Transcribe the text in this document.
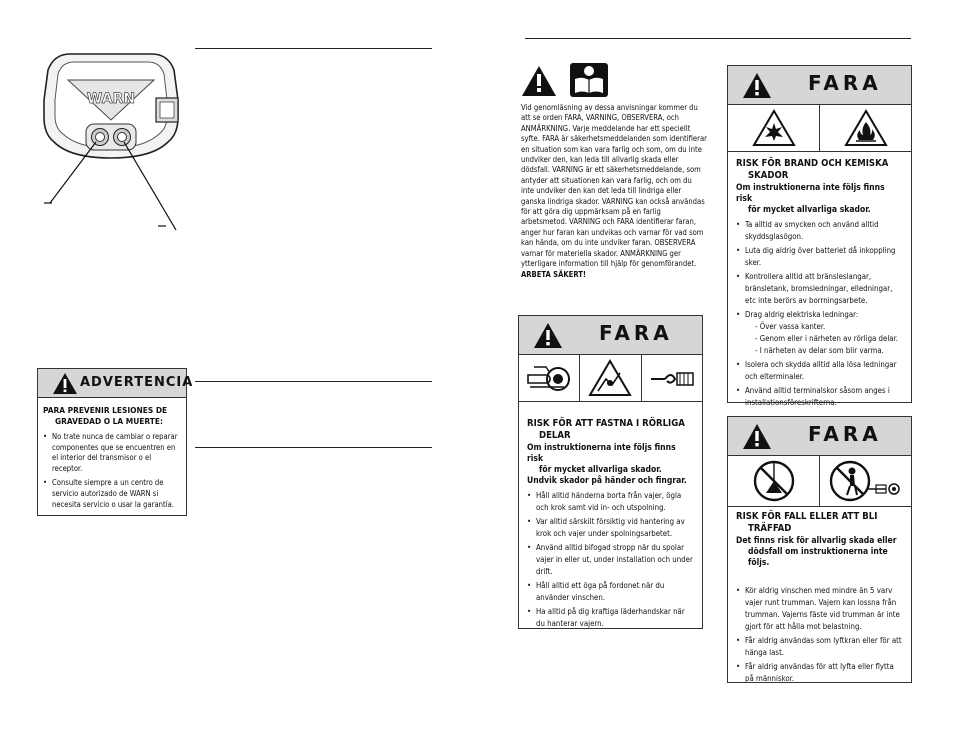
WARN
ADVERTENCIA

PARA PREVENIR LESIONES DE
GRAVEDAD O LA MUERTE:

• No trate nunca de cambiar o reparar componentes que se encuentren en el interior del transmisor o el receptor.
• Consulte siempre a un centro de servicio autorizado de WARN si necesita servicio o usar la garantía.
Vid genomläsning av dessa anvisningar kommer du att se orden FARA, VARNING, OBSERVERA, och ANMÄRKNING. Varje meddelande har ett speciellt syfte. FARA är säkerhetsmeddelanden som identifierar en situation som kan vara farlig och som, om du inte undviker den, kan leda till allvarlig skada eller dödsfall. VARNING är ett säkerhetsmeddelande, som antyder att situationen kan vara farlig, och om du inte undviker den kan det leda till lindriga eller ganska lindriga skador. VARNING kan också användas för att göra dig uppmärksam på en farlig arbetsmetod. VARNING och FARA identifierar faran, anger hur faran kan undvikas och varnar för vad som kan hända, om du inte undviker faran. OBSERVERA varnar för materiella skador. ANMÄRKNING ger ytterligare information till hjälp för genomförandet. ARBETA SÄKERT!
FARA

RISK FÖR ATT FASTNA I RÖRLIGA
DELAR

Om instruktionerna inte följs finns risk
för mycket allvarliga skador.
Undvik skador på händer och fingrar.

• Håll alltid händerna borta från vajer, ögla och krok samt vid in- och utspolning.
• Var alltid särskilt försiktig vid hantering av krok och vajer under spolningsarbetet.
• Använd alltid bifogad stropp när du spolar vajer in eller ut, under installation och under drift.
• Håll alltid ett öga på fordonet när du använder vinschen.
• Ha alltid på dig kraftiga läderhandskar när du hanterar vajern.
FARA

RISK FÖR BRAND OCH KEMISKA
SKADOR

Om instruktionerna inte följs finns risk
för mycket allvarliga skador.

• Ta alltid av smycken och använd alltid skyddsglasögon.
• Luta dig aldrig över batteriet då inkoppling sker.
• Kontrollera alltid att bränsleslangar, bränsletank, bromsledningar, elledningar, etc inte berörs av borrningsarbete.
• Drag aldrig elektriska ledningar:
- Över vassa kanter.
- Genom eller i närheten av rörliga delar.
- I närheten av delar som blir varma.
• Isolera och skydda alltid alla lösa ledningar och elterminaler.
• Använd alltid terminalskor såsom anges i installationsföreskrifterna.
FARA

RISK FÖR FALL ELLER ATT BLI
TRÄFFAD

Det finns risk för allvarlig skada eller
dödsfall om instruktionerna inte följs.

• Kör aldrig vinschen med mindre än 5 varv vajer runt trumman. Vajern kan lossna från trumman. Vajerns fäste vid trumman är inte gjort för att hålla mot belastning.
• Får aldrig användas som lyftkran eller för att hänga last.
• Får aldrig användas för att lyfta eller flytta på människor.
